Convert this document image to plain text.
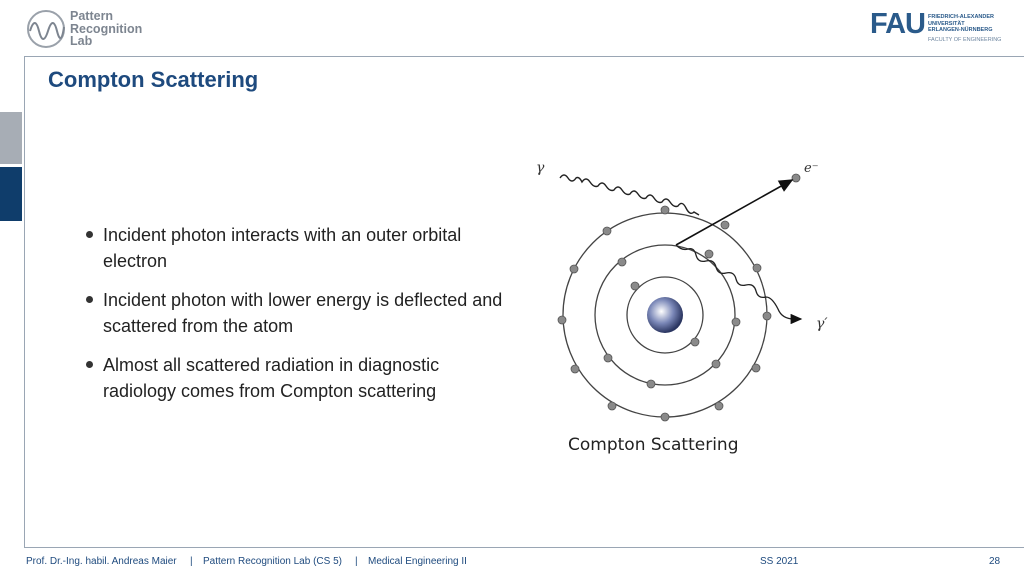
Pattern
Recognition
Lab
FAU FRIEDRICH-ALEXANDER
UNIVERSITÄT
ERLANGEN-NÜRNBERG
FACULTY OF ENGINEERING
Compton Scattering
Incident photon interacts with an outer orbital electron
Incident photon with lower energy is deflected and scattered from the atom
Almost all scattered radiation in diagnostic radiology comes from Compton scattering
γ	e⁻
γ′
Compton Scattering
Prof. Dr.-Ing. habil. Andreas Maier | Pattern Recognition Lab (CS 5) | Medical Engineering II	SS 2021	28
